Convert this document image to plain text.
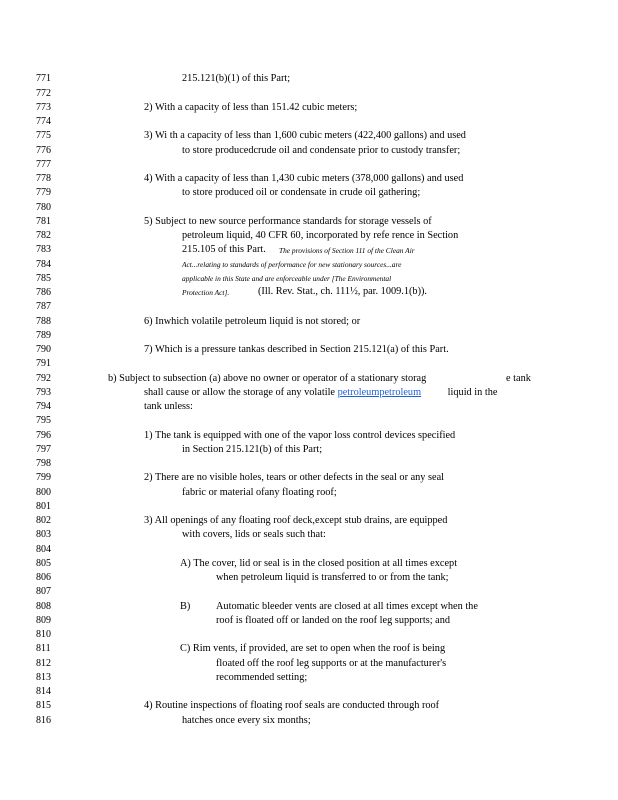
771
772
773
774
775
776
777
778
779
780
781
782
783
784
785
786
787
788
789
790
791
792
793
794
795
796
797
798
799
800
801
802
803
804
805
806
807
808
809
810
811
812
813
814
815
816
215.121(b)(1) of this Part;
2) With a capacity of less than 151.42 cubic meters;
3) Wi th a capacity of less than 1,600 cubic meters (422,400 gallons) and used
to store producedcrude oil and condensate prior to custody transfer;
4) With a capacity of less than 1,430 cubic meters (378,000 gallons) and used
to store produced oil or condensate in crude oil gathering;
5) Subject to new source performance standards for storage vessels of
petroleum liquid, 40 CFR 60, incorporated by refe rence in Section
215.105 of this Part. The provisions of Section 111 of the Clean Air
Act...relating to standards of performance for new stationary sources...are
applicable in this State and are enforceable under [The Environmental
Protection Act].	(Ill. Rev. Stat., ch. 111½, par. 1009.1(b)).
6) Inwhich volatile petroleum liquid is not stored; or
7) Which is a pressure tankas described in Section 215.121(a) of this Part.
b) Subject to subsection (a) above no owner or operator of a stationary storag	e tank
shall cause or allow the storage of any volatile petroleumpetroleum	liquid in the
tank unless:
1) The tank is equipped with one of the vapor loss control devices specified
in Section 215.121(b) of this Part;
2) There are no visible holes, tears or other defects in the seal or any seal
fabric or material ofany floating roof;
3) All openings of any floating roof deck,except stub drains, are equipped
with covers, lids or seals such that:
A) The cover, lid or seal is in the closed position at all times except
when petroleum liquid is transferred to or from the tank;
B) Automatic bleeder vents are closed at all times except when the
roof is floated off or landed on the roof leg supports; and
C) Rim vents, if provided, are set to open when the roof is being
floated off the roof leg supports or at the manufacturer's
recommended setting;
4) Routine inspections of floating roof seals are conducted through roof
hatches once every six months;
